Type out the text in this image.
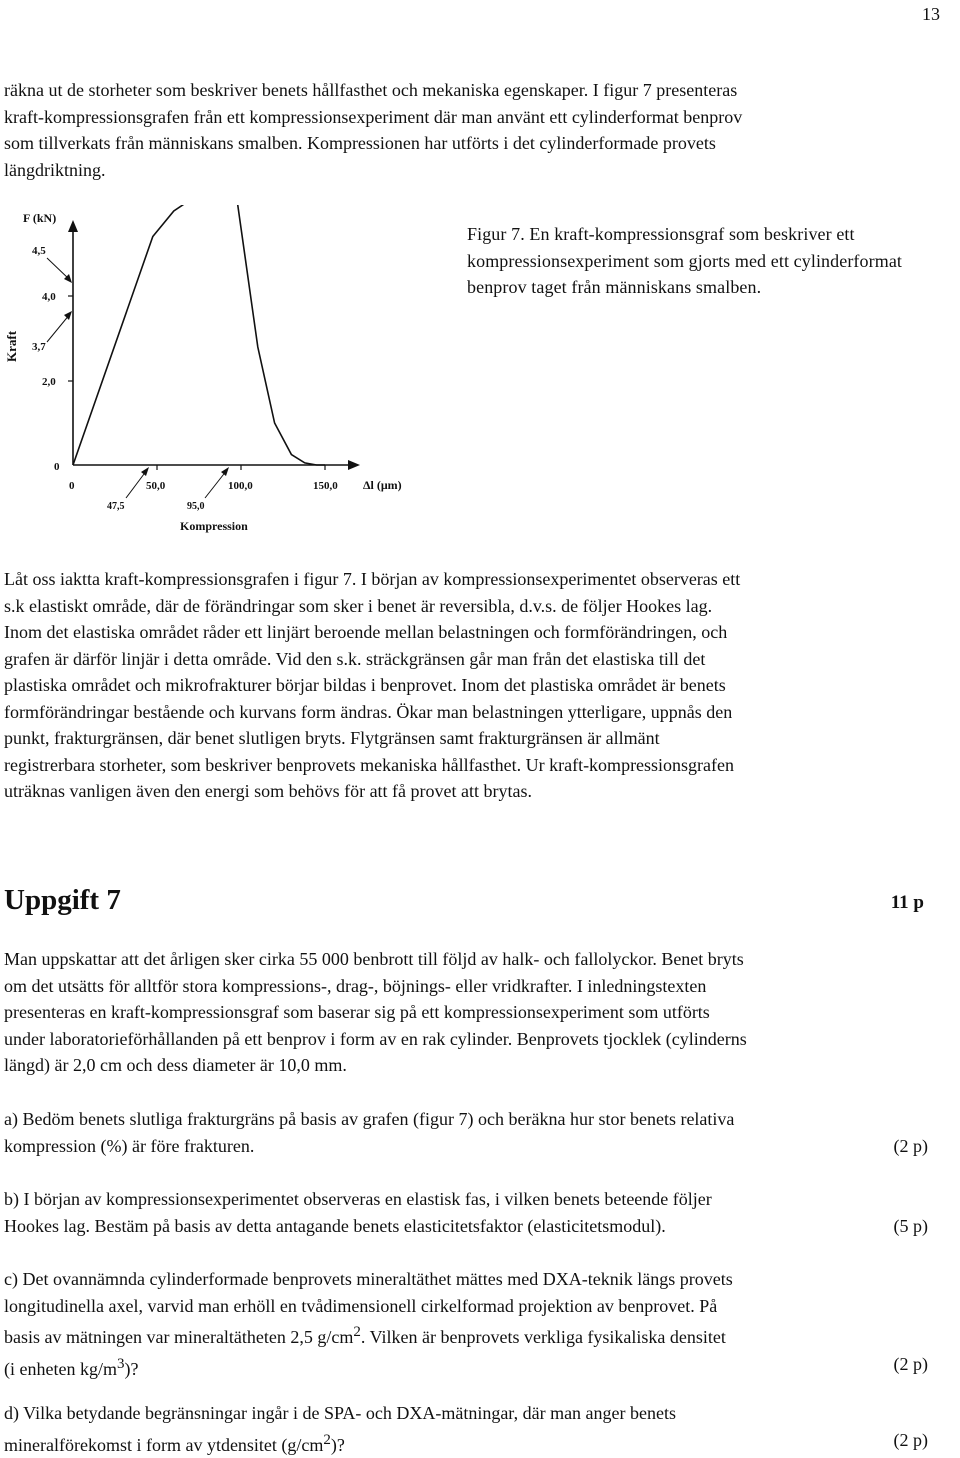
13

räkna ut de storheter som beskriver benets hållfasthet och mekaniska egenskaper. I figur 7 presenteras
kraft-kompressionsgrafen från ett kompressionsexperiment där man använt ett cylinderformat benprov
som tillverkats från människans smalben. Kompressionen har utförts i det cylinderformade provets
längdriktning.

F (kN)
Kraft
Δl (μm)
Kompression
4,5
4,0
3,7
2,0
0
0	50,0	100,0	150,0
47,5	95,0

Figur 7. En kraft-kompressionsgraf som beskriver ett kompressionsexperiment som gjorts med ett cylinderformat benprov taget från människans smalben.

Låt oss iaktta kraft-kompressionsgrafen i figur 7. I början av kompressionsexperimentet observeras ett
s.k elastiskt område, där de förändringar som sker i benet är reversibla, d.v.s. de följer Hookes lag.
Inom det elastiska området råder ett linjärt beroende mellan belastningen och formförändringen, och
grafen är därför linjär i detta område. Vid den s.k. sträckgränsen går man från det elastiska till det
plastiska området och mikrofrakturer börjar bildas i benprovet. Inom det plastiska området är benets
formförändringar bestående och kurvans form ändras. Ökar man belastningen ytterligare, uppnås den
punkt, frakturgränsen, där benet slutligen bryts. Flytgränsen samt frakturgränsen är allmänt
registrerbara storheter, som beskriver benprovets mekaniska hållfasthet. Ur kraft-kompressionsgrafen
uträknas vanligen även den energi som behövs för att få provet att brytas.

Uppgift 7	11 p

Man uppskattar att det årligen sker cirka 55 000 benbrott till följd av halk- och fallolyckor. Benet bryts
om det utsätts för alltför stora kompressions-, drag-, böjnings- eller vridkrafter. I inledningstexten
presenteras en kraft-kompressionsgraf som baserar sig på ett kompressionsexperiment som utförts
under laboratorieförhållanden på ett benprov i form av en rak cylinder. Benprovets tjocklek (cylinderns
längd) är 2,0 cm och dess diameter är 10,0 mm.

a) Bedöm benets slutliga frakturgräns på basis av grafen (figur 7) och beräkna hur stor benets relativa
kompression (%) är före frakturen.	(2 p)

b) I början av kompressionsexperimentet observeras en elastisk fas, i vilken benets beteende följer
Hookes lag. Bestäm på basis av detta antagande benets elasticitetsfaktor (elasticitetsmodul).	(5 p)

c) Det ovannämnda cylinderformade benprovets mineraltäthet mättes med DXA-teknik längs provets
longitudinella axel, varvid man erhöll en tvådimensionell cirkelformad projektion av benprovet. På
basis av mätningen var mineraltätheten 2,5 $g/cm^2$. Vilken är benprovets verkliga fysikaliska densitet
(i enheten $kg/m^3$)?	(2 p)

d) Vilka betydande begränsningar ingår i de SPA- och DXA-mätningar, där man anger benets
mineralförekomst i form av ytdensitet $(g/cm^2)$?	(2 p)
